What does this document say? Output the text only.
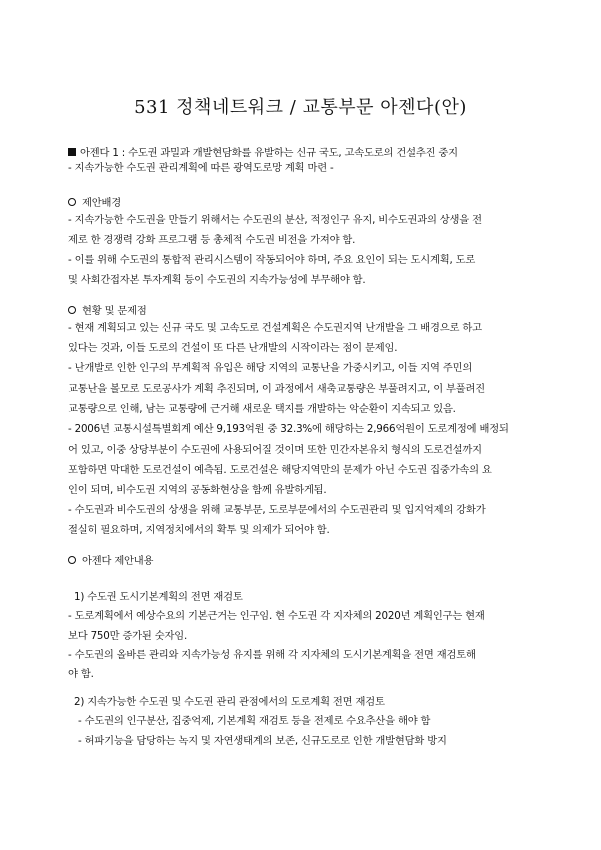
531 정책네트워크 / 교통부문 아젠다(안)
아젠다 1 : 수도권 과밀과 개발현담화를 유발하는 신규 국도, 고속도로의 건설추진 중지
- 지속가능한 수도권 관리계획에 따른 광역도로망 계획 마련 -
제안배경
- 지속가능한 수도권을 만들기 위해서는 수도권의 분산, 적정인구 유지, 비수도권과의 상생을 전
제로 한 경쟁력 강화 프로그램 등 총체적 수도권 비전을 가져야 함.
- 이를 위해 수도권의 통합적 관리시스템이 작동되어야 하며, 주요 요인이 되는 도시계획, 도로
및 사회간접자본 투자계획 등이 수도권의 지속가능성에 부무해야 함.
현황 및 문제점
- 현재 계획되고 있는 신규 국도 및 고속도로 건설계획은 수도권지역 난개발을 그 배경으로 하고
있다는 것과, 이들 도로의 건설이 또 다른 난개발의 시작이라는 점이 문제임.
- 난개발로 인한 인구의 무계획적 유입은 해당 지역의 교통난을 가중시키고, 이들 지역 주민의
교통난을 볼모로 도로공사가 계획 추진되며, 이 과정에서 새축교통량은 부풀려지고, 이 부풀려진
교통량으로 인해, 남는 교통량에 근거해 새로운 택지를 개발하는 악순환이 지속되고 있음.
- 2006년 교통시설특별회계 예산 9,193억원 중 32.3%에 해당하는 2,966억원이 도로계정에 배정되
어 있고, 이중 상당부분이 수도권에 사용되어질 것이며 또한 민간자본유치 형식의 도로건설까지
포함하면 막대한 도로건설이 예측됨. 도로건설은 해당지역만의 문제가 아닌 수도권 집중가속의 요
인이 되며, 비수도권 지역의 공동화현상을 함께 유발하게됨.
- 수도권과 비수도권의 상생을 위해 교통부문, 도로부문에서의 수도권관리 및 입지억제의 강화가
절실히 필요하며, 지역정치에서의 확투 및 의제가 되어야 함.
아젠다 제안내용
1) 수도권 도시기본계획의 전면 재검토
- 도로계획에서 예상수요의 기본근거는 인구임. 현 수도권 각 지자체의 2020년 계획인구는 현재
보다 750만 증가된 숫자임.
- 수도권의 올바른 관리와 지속가능성 유지를 위해 각 지자체의 도시기본계획을 전면 재검토해
야 함.
2) 지속가능한 수도권 및 수도권 관리 관점에서의 도로계획 전면 재검토
- 수도권의 인구분산, 집중억제, 기본계획 재검토 등을 전제로 수요추산을 해야 함
- 허파기능을 담당하는 녹지 및 자연생태계의 보존, 신규도로로 인한 개발현담화 방지
